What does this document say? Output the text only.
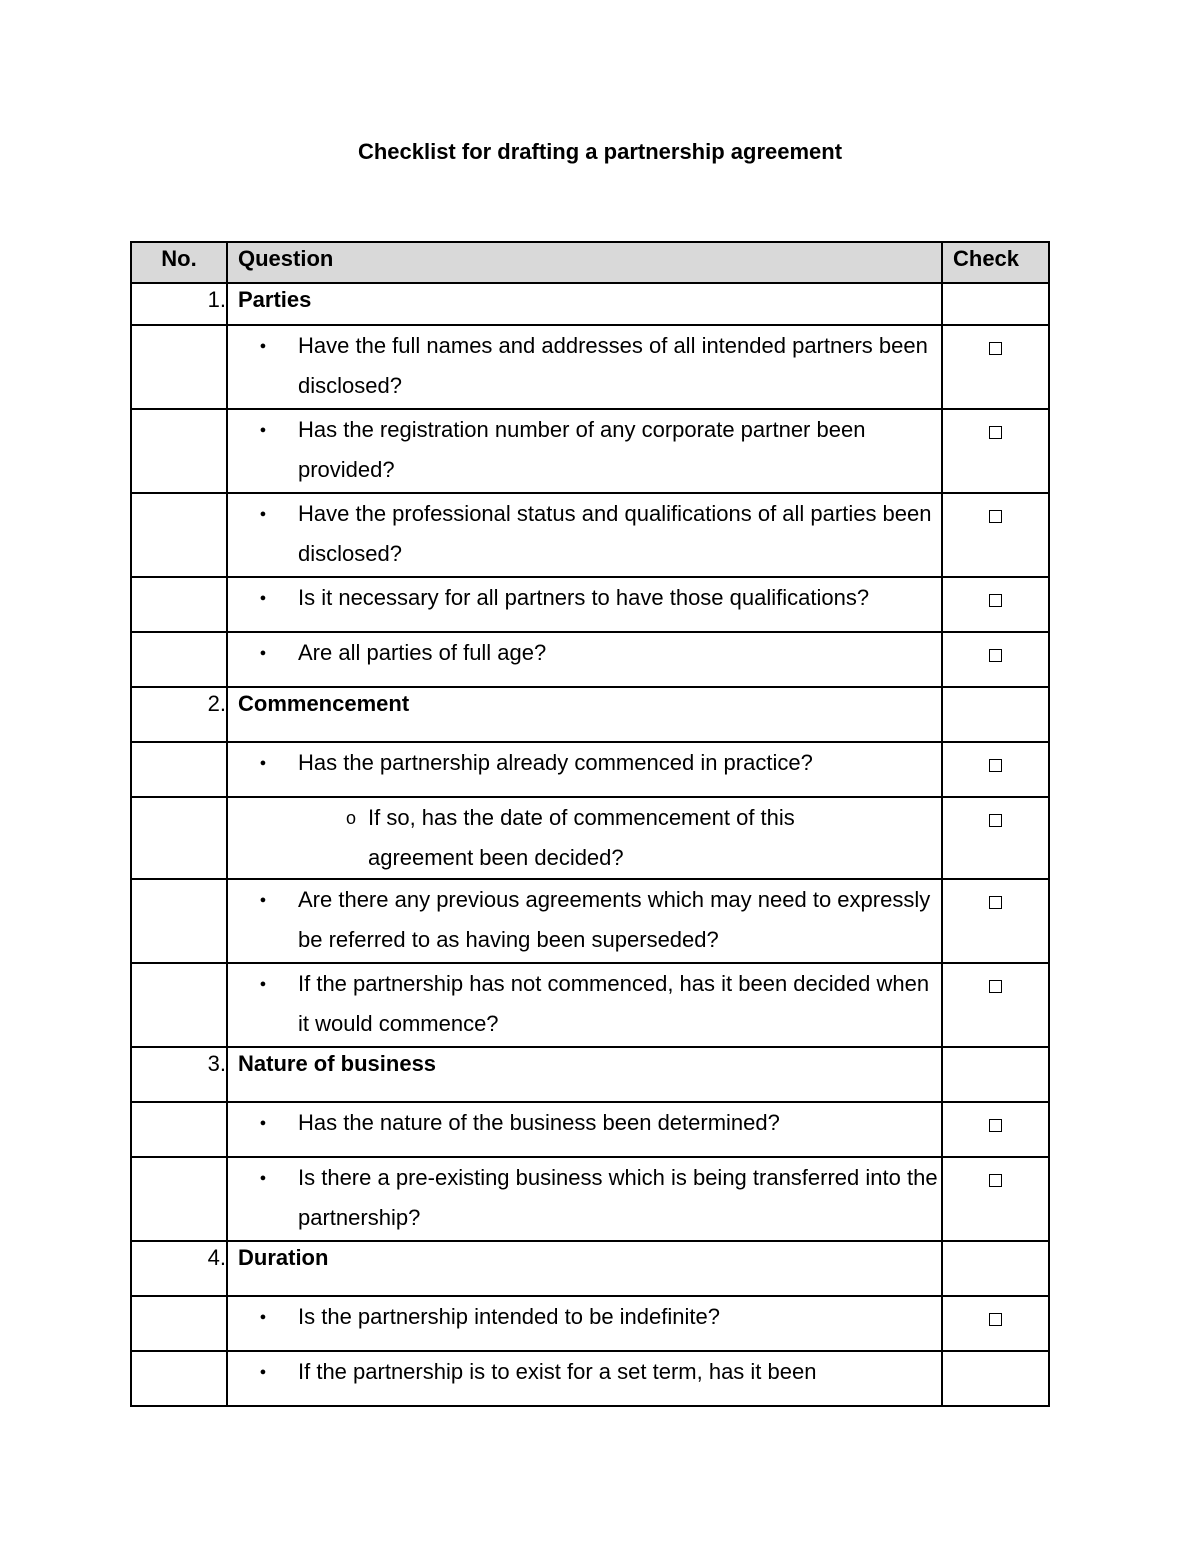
Checklist for drafting a partnership agreement
No.	Question	Check

1.	Parties	

	● Have the full names and addresses of all intended partners been disclosed?	

	● Has the registration number of any corporate partner been provided?	

	● Have the professional status and qualifications of all parties been disclosed?	

	● Is it necessary for all partners to have those qualifications?	

	● Are all parties of full age?	

2.	Commencement	

	● Has the partnership already commenced in practice?	

	o If so, has the date of commencement of this agreement been decided?	

	● Are there any previous agreements which may need to expressly be referred to as having been superseded?	

	● If the partnership has not commenced, has it been decided when it would commence?	

3.	Nature of business	

	● Has the nature of the business been determined?	

	● Is there a pre-existing business which is being transferred into the partnership?	

4.	Duration	

	● Is the partnership intended to be indefinite?	

	● If the partnership is to exist for a set term, has it been	
